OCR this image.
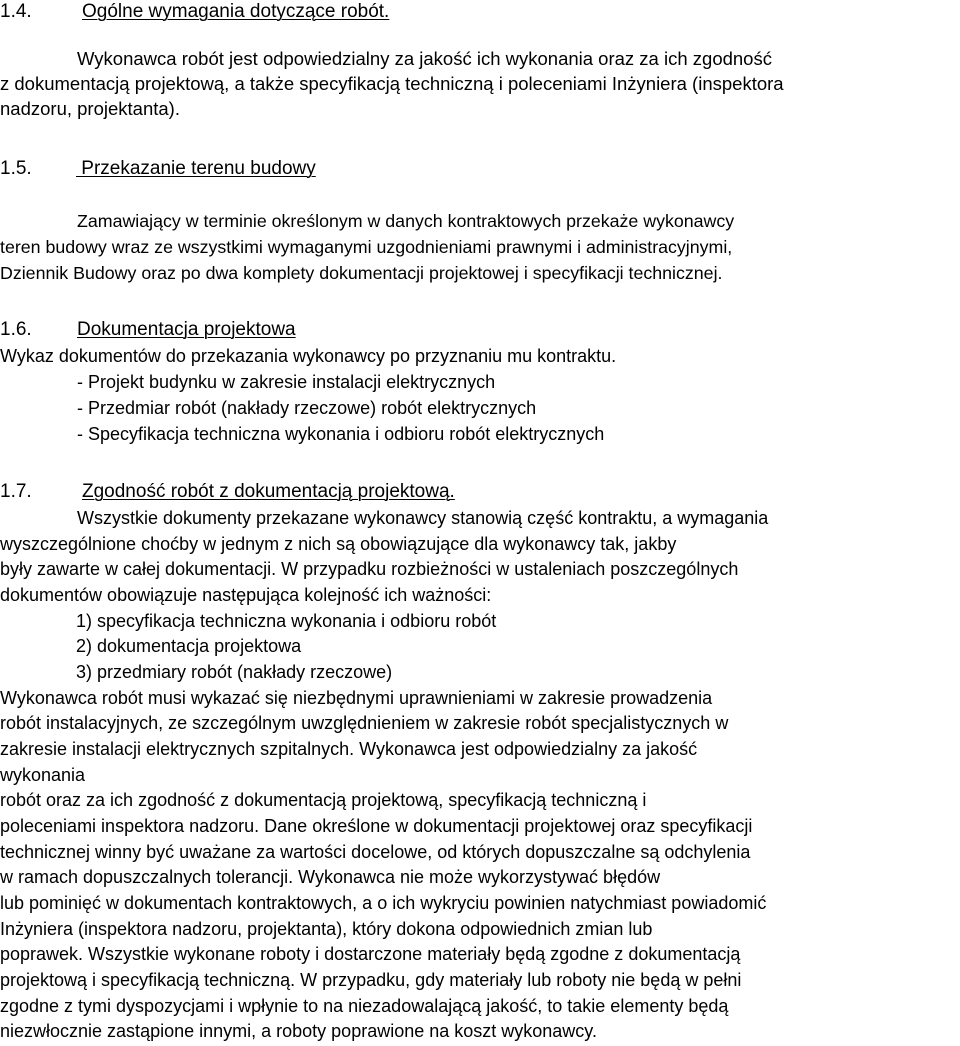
1.4.	Ogólne wymagania dotyczące robót.
Wykonawca robót jest odpowiedzialny za jakość ich wykonania oraz za ich zgodność
z dokumentacją projektową, a także specyfikacją techniczną i poleceniami Inżyniera (inspektora
nadzoru, projektanta).
1.5. Przekazanie terenu budowy
Zamawiający w terminie określonym w danych kontraktowych przekaże wykonawcy
teren budowy wraz ze wszystkimi wymaganymi uzgodnieniami prawnymi i administracyjnymi,
Dziennik Budowy oraz po dwa komplety dokumentacji projektowej i specyfikacji technicznej.
1.6. Dokumentacja projektowa
Wykaz dokumentów do przekazania wykonawcy po przyznaniu mu kontraktu.
- Projekt budynku w zakresie instalacji elektrycznych
- Przedmiar robót (nakłady rzeczowe) robót elektrycznych
- Specyfikacja techniczna wykonania i odbioru robót elektrycznych
1.7.	Zgodność robót z dokumentacją projektową.
Wszystkie dokumenty przekazane wykonawcy stanowią część kontraktu, a wymagania
wyszczególnione choćby w jednym z nich są obowiązujące dla wykonawcy tak, jakby
były zawarte w całej dokumentacji. W przypadku rozbieżności w ustaleniach poszczególnych
dokumentów obowiązuje następująca kolejność ich ważności:
1) specyfikacja techniczna wykonania i odbioru robót
2) dokumentacja projektowa
3) przedmiary robót (nakłady rzeczowe)
Wykonawca robót musi wykazać się niezbędnymi uprawnieniami w zakresie prowadzenia
robót instalacyjnych, ze szczególnym uwzględnieniem w zakresie robót specjalistycznych w
zakresie instalacji elektrycznych szpitalnych. Wykonawca jest odpowiedzialny za jakość
wykonania
robót oraz za ich zgodność z dokumentacją projektową, specyfikacją techniczną i
poleceniami inspektora nadzoru. Dane określone w dokumentacji projektowej oraz specyfikacji
technicznej winny być uważane za wartości docelowe, od których dopuszczalne są odchylenia
w ramach dopuszczalnych tolerancji. Wykonawca nie może wykorzystywać błędów
lub pominięć w dokumentach kontraktowych, a o ich wykryciu powinien natychmiast powiadomić
Inżyniera (inspektora nadzoru, projektanta), który dokona odpowiednich zmian lub
poprawek. Wszystkie wykonane roboty i dostarczone materiały będą zgodne z dokumentacją
projektową i specyfikacją techniczną. W przypadku, gdy materiały lub roboty nie będą w pełni
zgodne z tymi dyspozycjami i wpłynie to na niezadowalającą jakość, to takie elementy będą
niezwłocznie zastąpione innymi, a roboty poprawione na koszt wykonawcy.
